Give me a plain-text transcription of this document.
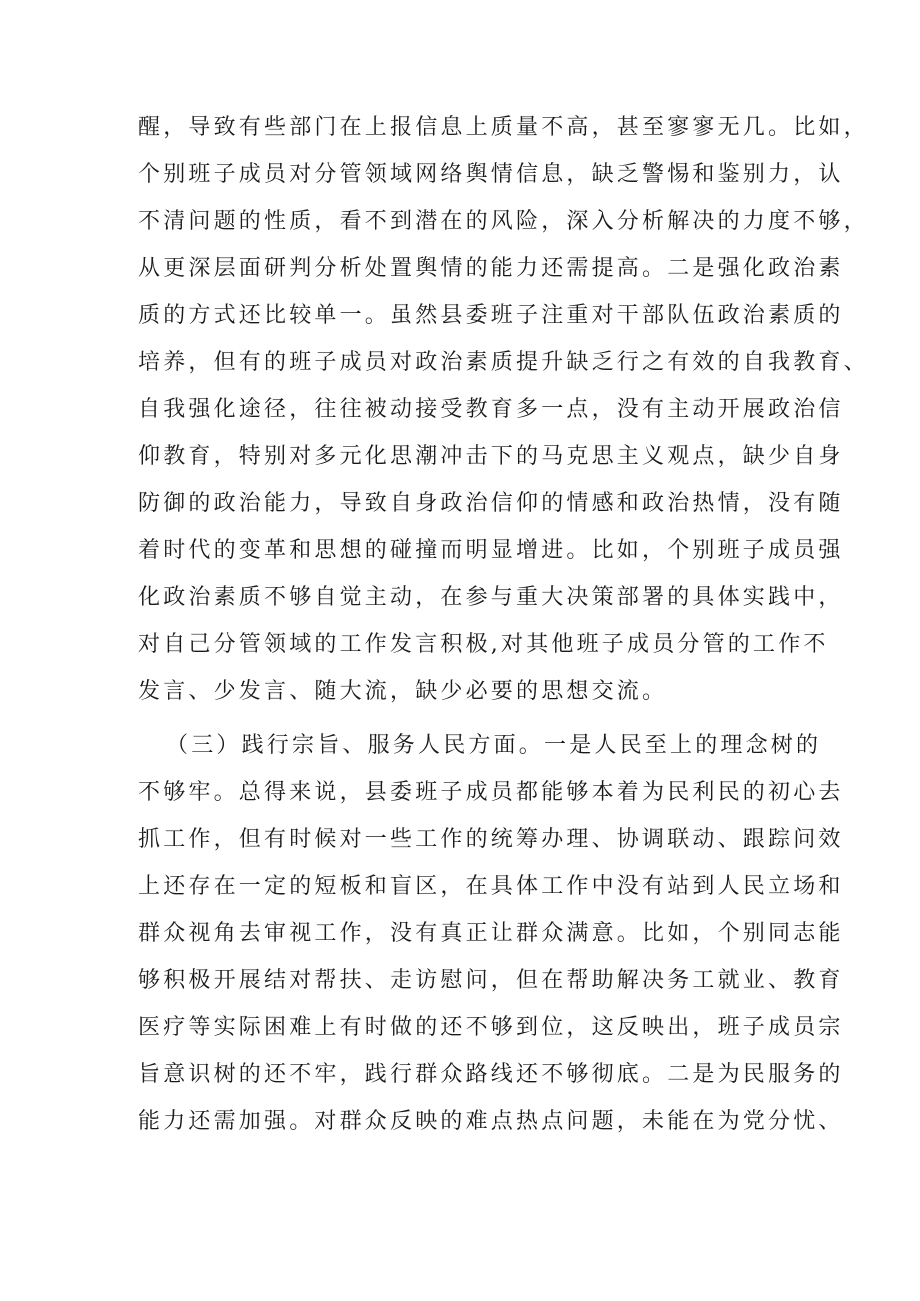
醒，导致有些部门在上报信息上质量不高，甚至寥寥无几。比如，
个别班子成员对分管领域网络舆情信息，缺乏警惕和鉴别力，认
不清问题的性质，看不到潜在的风险，深入分析解决的力度不够，
从更深层面研判分析处置舆情的能力还需提高。二是强化政治素
质的方式还比较单一。虽然县委班子注重对干部队伍政治素质的
培养，但有的班子成员对政治素质提升缺乏行之有效的自我教育、
自我强化途径，往往被动接受教育多一点，没有主动开展政治信
仰教育，特别对多元化思潮冲击下的马克思主义观点，缺少自身
防御的政治能力，导致自身政治信仰的情感和政治热情，没有随
着时代的变革和思想的碰撞而明显增进。比如，个别班子成员强
化政治素质不够自觉主动，在参与重大决策部署的具体实践中，
对自己分管领域的工作发言积极,对其他班子成员分管的工作不
发言、少发言、随大流，缺少必要的思想交流。
（三）践行宗旨、服务人民方面。一是人民至上的理念树的
不够牢。总得来说，县委班子成员都能够本着为民利民的初心去
抓工作，但有时候对一些工作的统筹办理、协调联动、跟踪问效
上还存在一定的短板和盲区，在具体工作中没有站到人民立场和
群众视角去审视工作，没有真正让群众满意。比如，个别同志能
够积极开展结对帮扶、走访慰问，但在帮助解决务工就业、教育
医疗等实际困难上有时做的还不够到位，这反映出，班子成员宗
旨意识树的还不牢，践行群众路线还不够彻底。二是为民服务的
能力还需加强。对群众反映的难点热点问题，未能在为党分忧、
